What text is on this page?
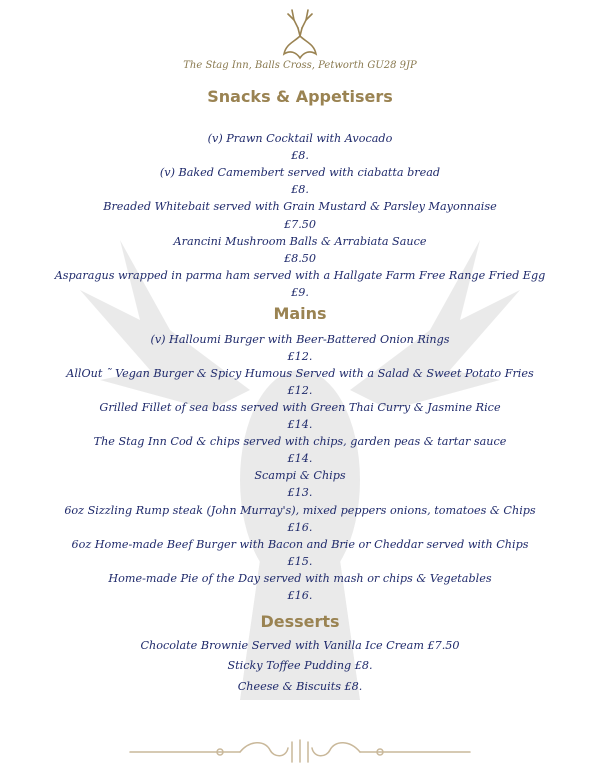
The Stag Inn, Balls Cross, Petworth GU28 9JP
Snacks & Appetisers
(v) Prawn Cocktail with Avocado
£8.
(v) Baked Camembert served with ciabatta bread
£8.
Breaded Whitebait served with Grain Mustard & Parsley Mayonnaise
£7.50
Arancini Mushroom Balls & Arrabiata Sauce
£8.50
Asparagus wrapped in parma ham served with a Hallgate Farm Free Range Fried Egg
£9.
Mains
(v) Halloumi Burger with Beer-Battered Onion Rings
£12.
AllOut ˜ Vegan Burger & Spicy Humous Served with a Salad & Sweet Potato Fries
£12.
Grilled Fillet of sea bass served with Green Thai Curry & Jasmine Rice
£14.
The Stag Inn Cod & chips served with chips, garden peas & tartar sauce
£14.
Scampi & Chips
£13.
6oz Sizzling Rump steak (John Murray's), mixed peppers onions, tomatoes & Chips
£16.
6oz Home-made Beef Burger with Bacon and Brie or Cheddar served with Chips
£15.
Home-made Pie of the Day served with mash or chips & Vegetables
£16.
Desserts
Chocolate Brownie Served with Vanilla Ice Cream £7.50
Sticky Toffee Pudding £8.
Cheese & Biscuits £8.
